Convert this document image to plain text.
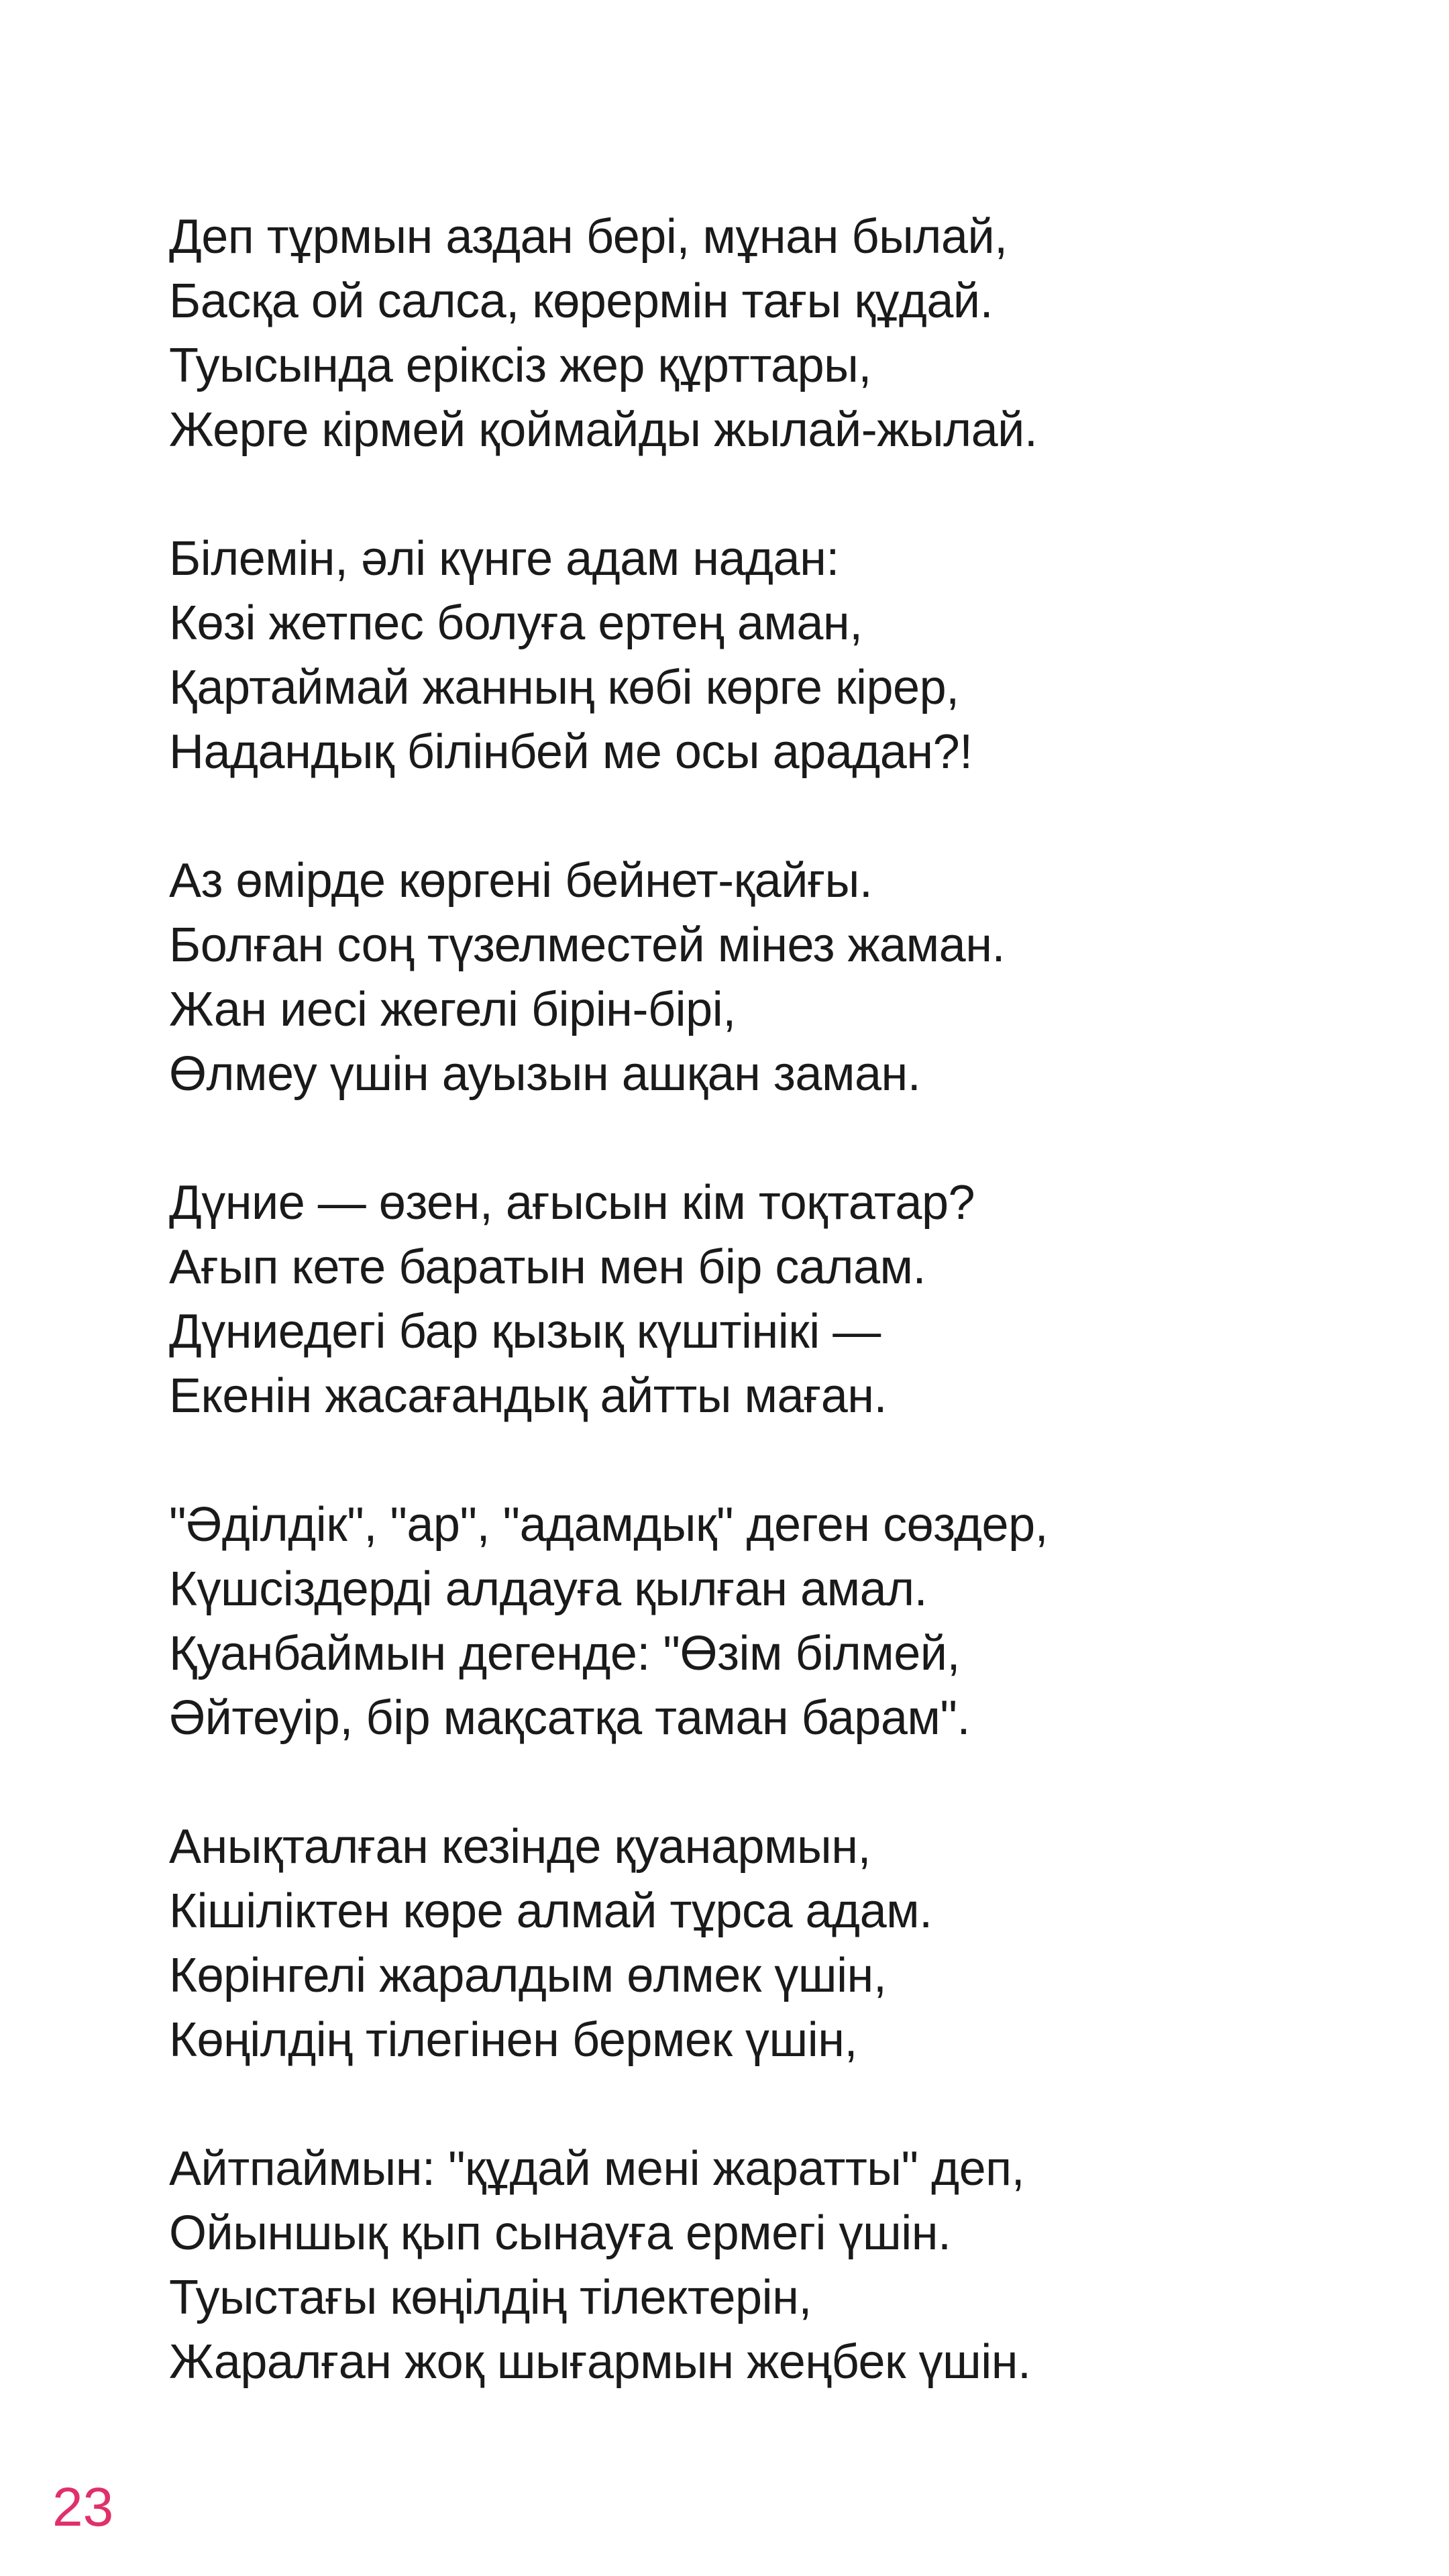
Деп тұрмын аздан бері, мұнан былай,
Басқа ой салса, көрермін тағы құдай.
Туысында еріксіз жер құрттары,
Жерге кірмей қоймайды жылай-жылай.
Білемін, әлі күнге адам надан:
Көзі жетпес болуға ертең аман,
Қартаймай жанның көбі көрге кірер,
Надандық білінбей ме осы арадан?!
Аз өмірде көргені бейнет-қайғы.
Болған соң түзелместей мінез жаман.
Жан иесі жегелі бірін-бірі,
Өлмеу үшін ауызын ашқан заман.
Дүние — өзен, ағысын кім тоқтатар?
Ағып кете баратын мен бір салам.
Дүниедегі бар қызық күштінікі —
Екенін жасағандық айтты маған.
"Әділдік", "ар", "адамдық" деген сөздер,
Күшсіздерді алдауға қылған амал.
Қуанбаймын дегенде: "Өзім білмей,
Әйтеуір, бір мақсатқа таман барам".
Анықталған кезінде қуанармын,
Кішіліктен көре алмай тұрса адам.
Көрінгелі жаралдым өлмек үшін,
Көңілдің тілегінен бермек үшін,
Айтпаймын: "құдай мені жаратты" деп,
Ойыншық қып сынауға ермегі үшін.
Туыстағы көңілдің тілектерін,
Жаралған жоқ шығармын жеңбек үшін.
23
